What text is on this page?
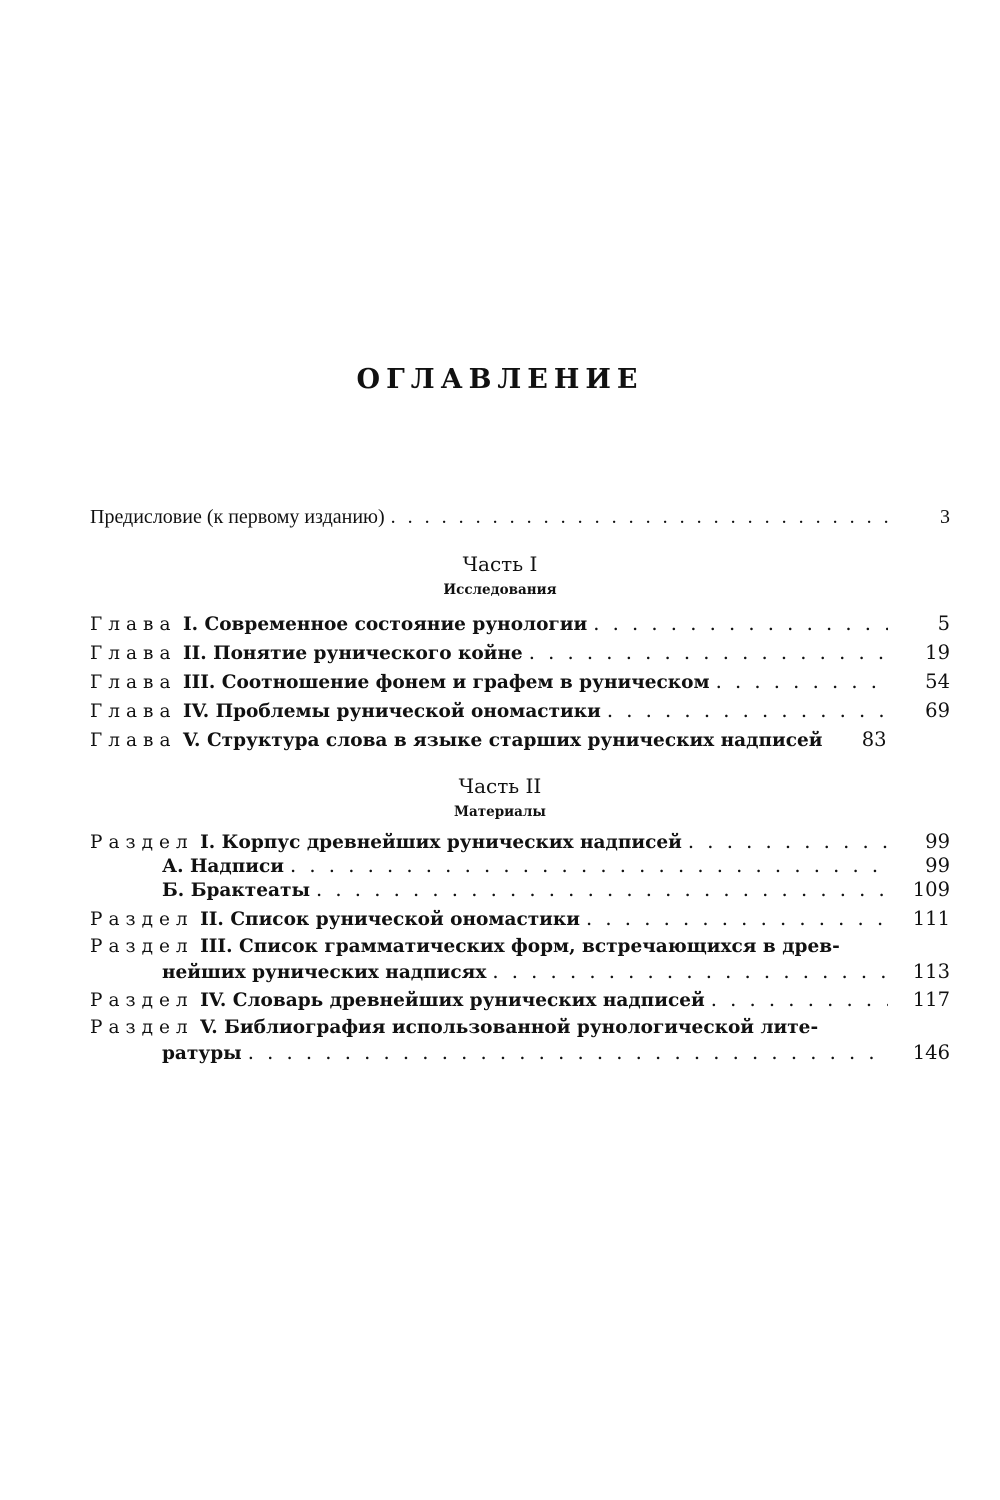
ОГЛАВЛЕНИЕ
Предисловие (к первому изданию) . . .	3
Часть I
Исследования
Глава I. Современное состояние рунологии . . .	5
Глава II. Понятие рунического койне . . .	19
Глава III. Соотношение фонем и графем в руническом . . .	54
Глава IV. Проблемы рунической ономастики . . .	69
Глава V. Структура слова в языке старших рунических надписей	83
Часть II
Материалы
Раздел I. Корпус древнейших рунических надписей . . .	99
А. Надписи . . .	99
Б. Брактеаты . . .	109
Раздел II. Список рунической ономастики . . .	111
Раздел III. Список грамматических форм, встречающихся в древ-
нейших рунических надписях . . .	113
Раздел IV. Словарь древнейших рунических надписей . . .	117
Раздел V. Библиография использованной рунологической лите-
ратуры . . .	146
